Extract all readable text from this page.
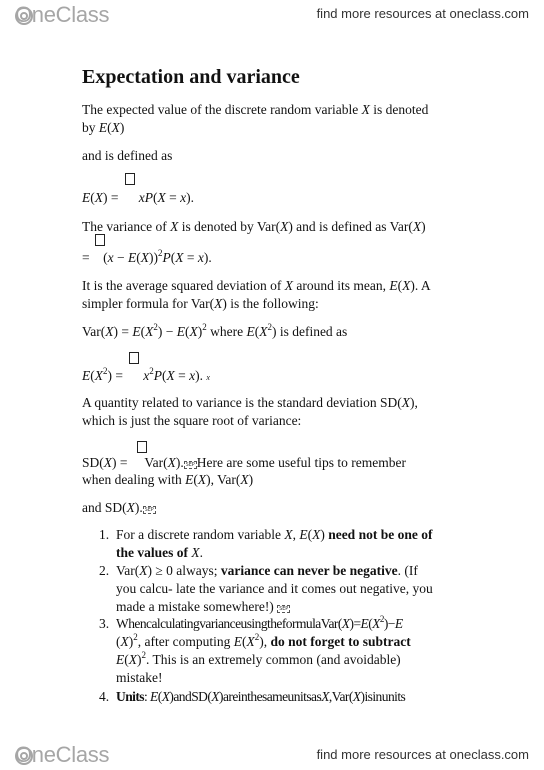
OneClass	find more resources at oneclass.com
Expectation and variance
The expected value of the discrete random variable X is denoted
by E(X)
and is defined as
E(X) =      xP(X = x).
The variance of X is denoted by Var(X) and is defined as Var(X)
=    $(x - E(X))^2P(X = x)$.
It is the average squared deviation of X around its mean, E(X). A
simpler formula for Var(X) is the following:
$Var(X) = E(X^2) - E(X)^2$ where $E(X^2)$ is defined as
$E(X^2)$ =      $x^2P(X = x)$. x
A quantity related to variance is the standard deviation SD(X),
which is just the square root of variance:
SD(X) =     Var(X). SEP Here are some useful tips to remember
when dealing with E(X), Var(X)
and SD(X). SEP
1. For a discrete random variable X, E(X) need not be one of
the values of X.
2. Var(X) ≥ 0 always; variance can never be negative. (If
you calcu- late the variance and it comes out negative, you
made a mistake somewhere!) SEP
3. $WhencalculatingvarianceusingtheformulaVar(X)=E(X^2)-E$
$(X)^2$, after computing $E(X^2)$, do not forget to subtract
$E(X)^2$. This is an extremely common (and avoidable)
mistake!
4. Units: E(X)andSD(X)areinthesameunitsasX,Var(X)isinunits
OneClass	find more resources at oneclass.com
